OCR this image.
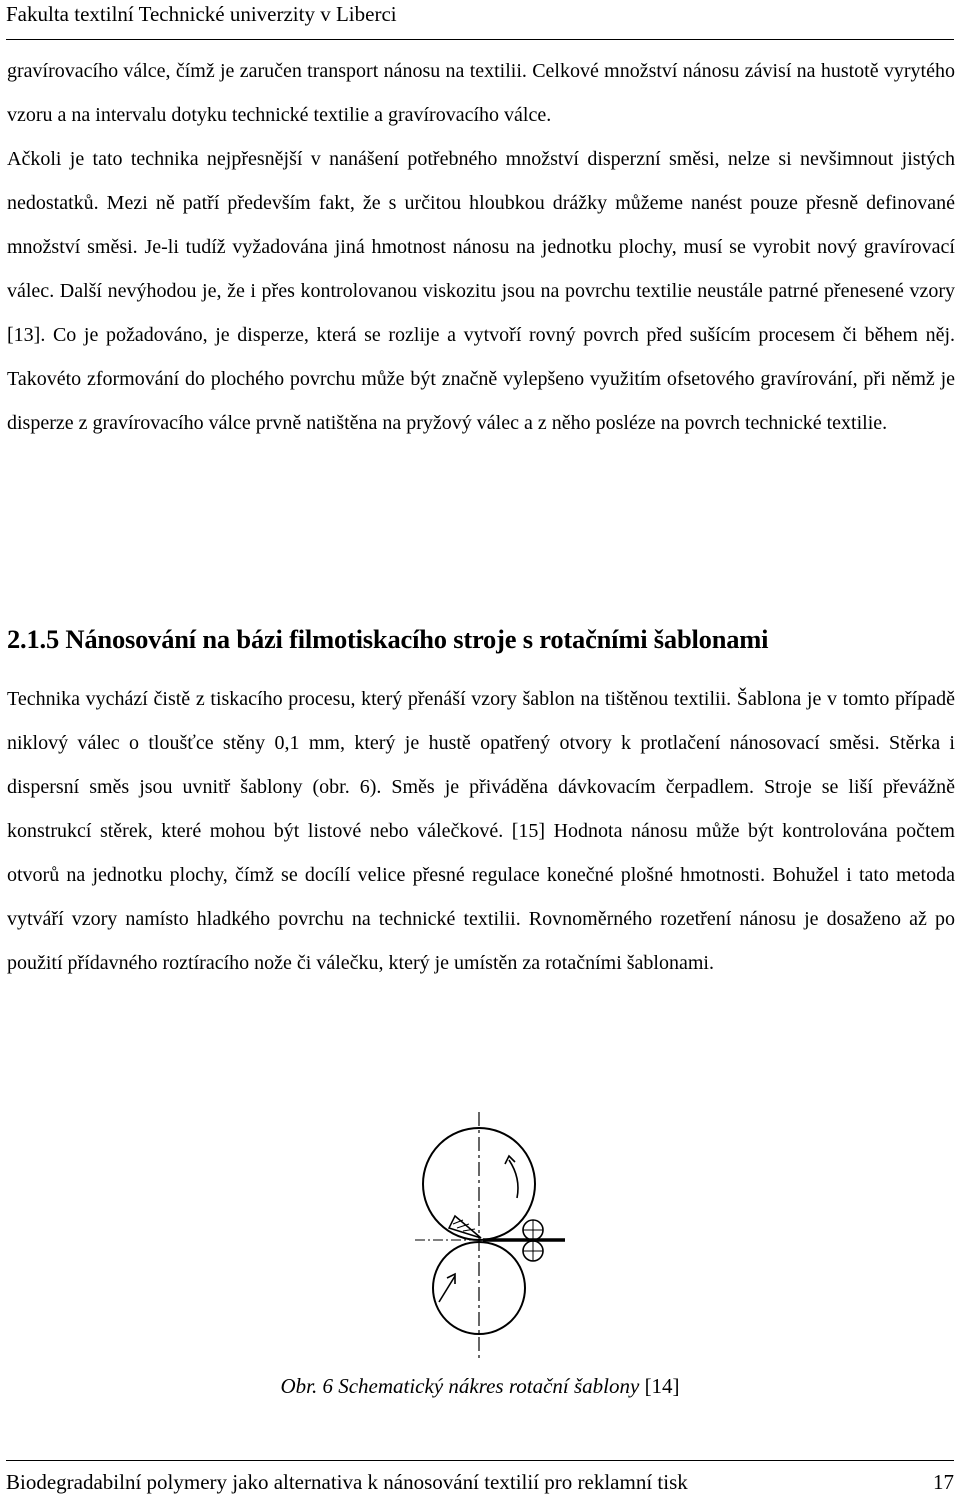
Fakulta textilní Technické univerzity v Liberci

gravírovacího válce, čímž je zaručen transport nánosu na textilii. Celkové množství nánosu závisí na hustotě vyrytého vzoru a na intervalu dotyku technické textilie a gravírovacího válce.

Ačkoli je tato technika nejpřesnější v nanášení potřebného množství disperzní směsi, nelze si nevšimnout jistých nedostatků. Mezi ně patří především fakt, že s určitou hloubkou drážky můžeme nanést pouze přesně definované množství směsi. Je-li tudíž vyžadována jiná hmotnost nánosu na jednotku plochy, musí se vyrobit nový gravírovací válec. Další nevýhodou je, že i přes kontrolovanou viskozitu jsou na povrchu textilie neustále patrné přenesené vzory [13]. Co je požadováno, je disperze, která se rozlije a vytvoří rovný povrch před sušícím procesem či během něj. Takovéto zformování do plochého povrchu může být značně vylepšeno využitím ofsetového gravírování, při němž je disperze z gravírovacího válce prvně natištěna na pryžový válec a z něho posléze na povrch technické textilie.

2.1.5 Nánosování na bázi filmotiskacího stroje s rotačními šablonami

Technika vychází čistě z tiskacího procesu, který přenáší vzory šablon na tištěnou textilii. Šablona je v tomto případě niklový válec o tloušťce stěny 0,1 mm, který je hustě opatřený otvory k protlačení nánosovací směsi. Stěrka i dispersní směs jsou uvnitř šablony (obr. 6). Směs je přiváděna dávkovacím čerpadlem. Stroje se liší převážně konstrukcí stěrek, které mohou být listové nebo válečkové. [15] Hodnota nánosu může být kontrolována počtem otvorů na jednotku plochy, čímž se docílí velice přesné regulace konečné plošné hmotnosti. Bohužel i tato metoda vytváří vzory namísto hladkého povrchu na technické textilii. Rovnoměrného rozetření nánosu je dosaženo až po použití přídavného roztíracího nože či válečku, který je umístěn za rotačními šablonami.

Obr. 6 Schematický nákres rotační šablony [14]
Biodegradabilní polymery jako alternativa k nánosování textilií pro reklamní tisk	17
